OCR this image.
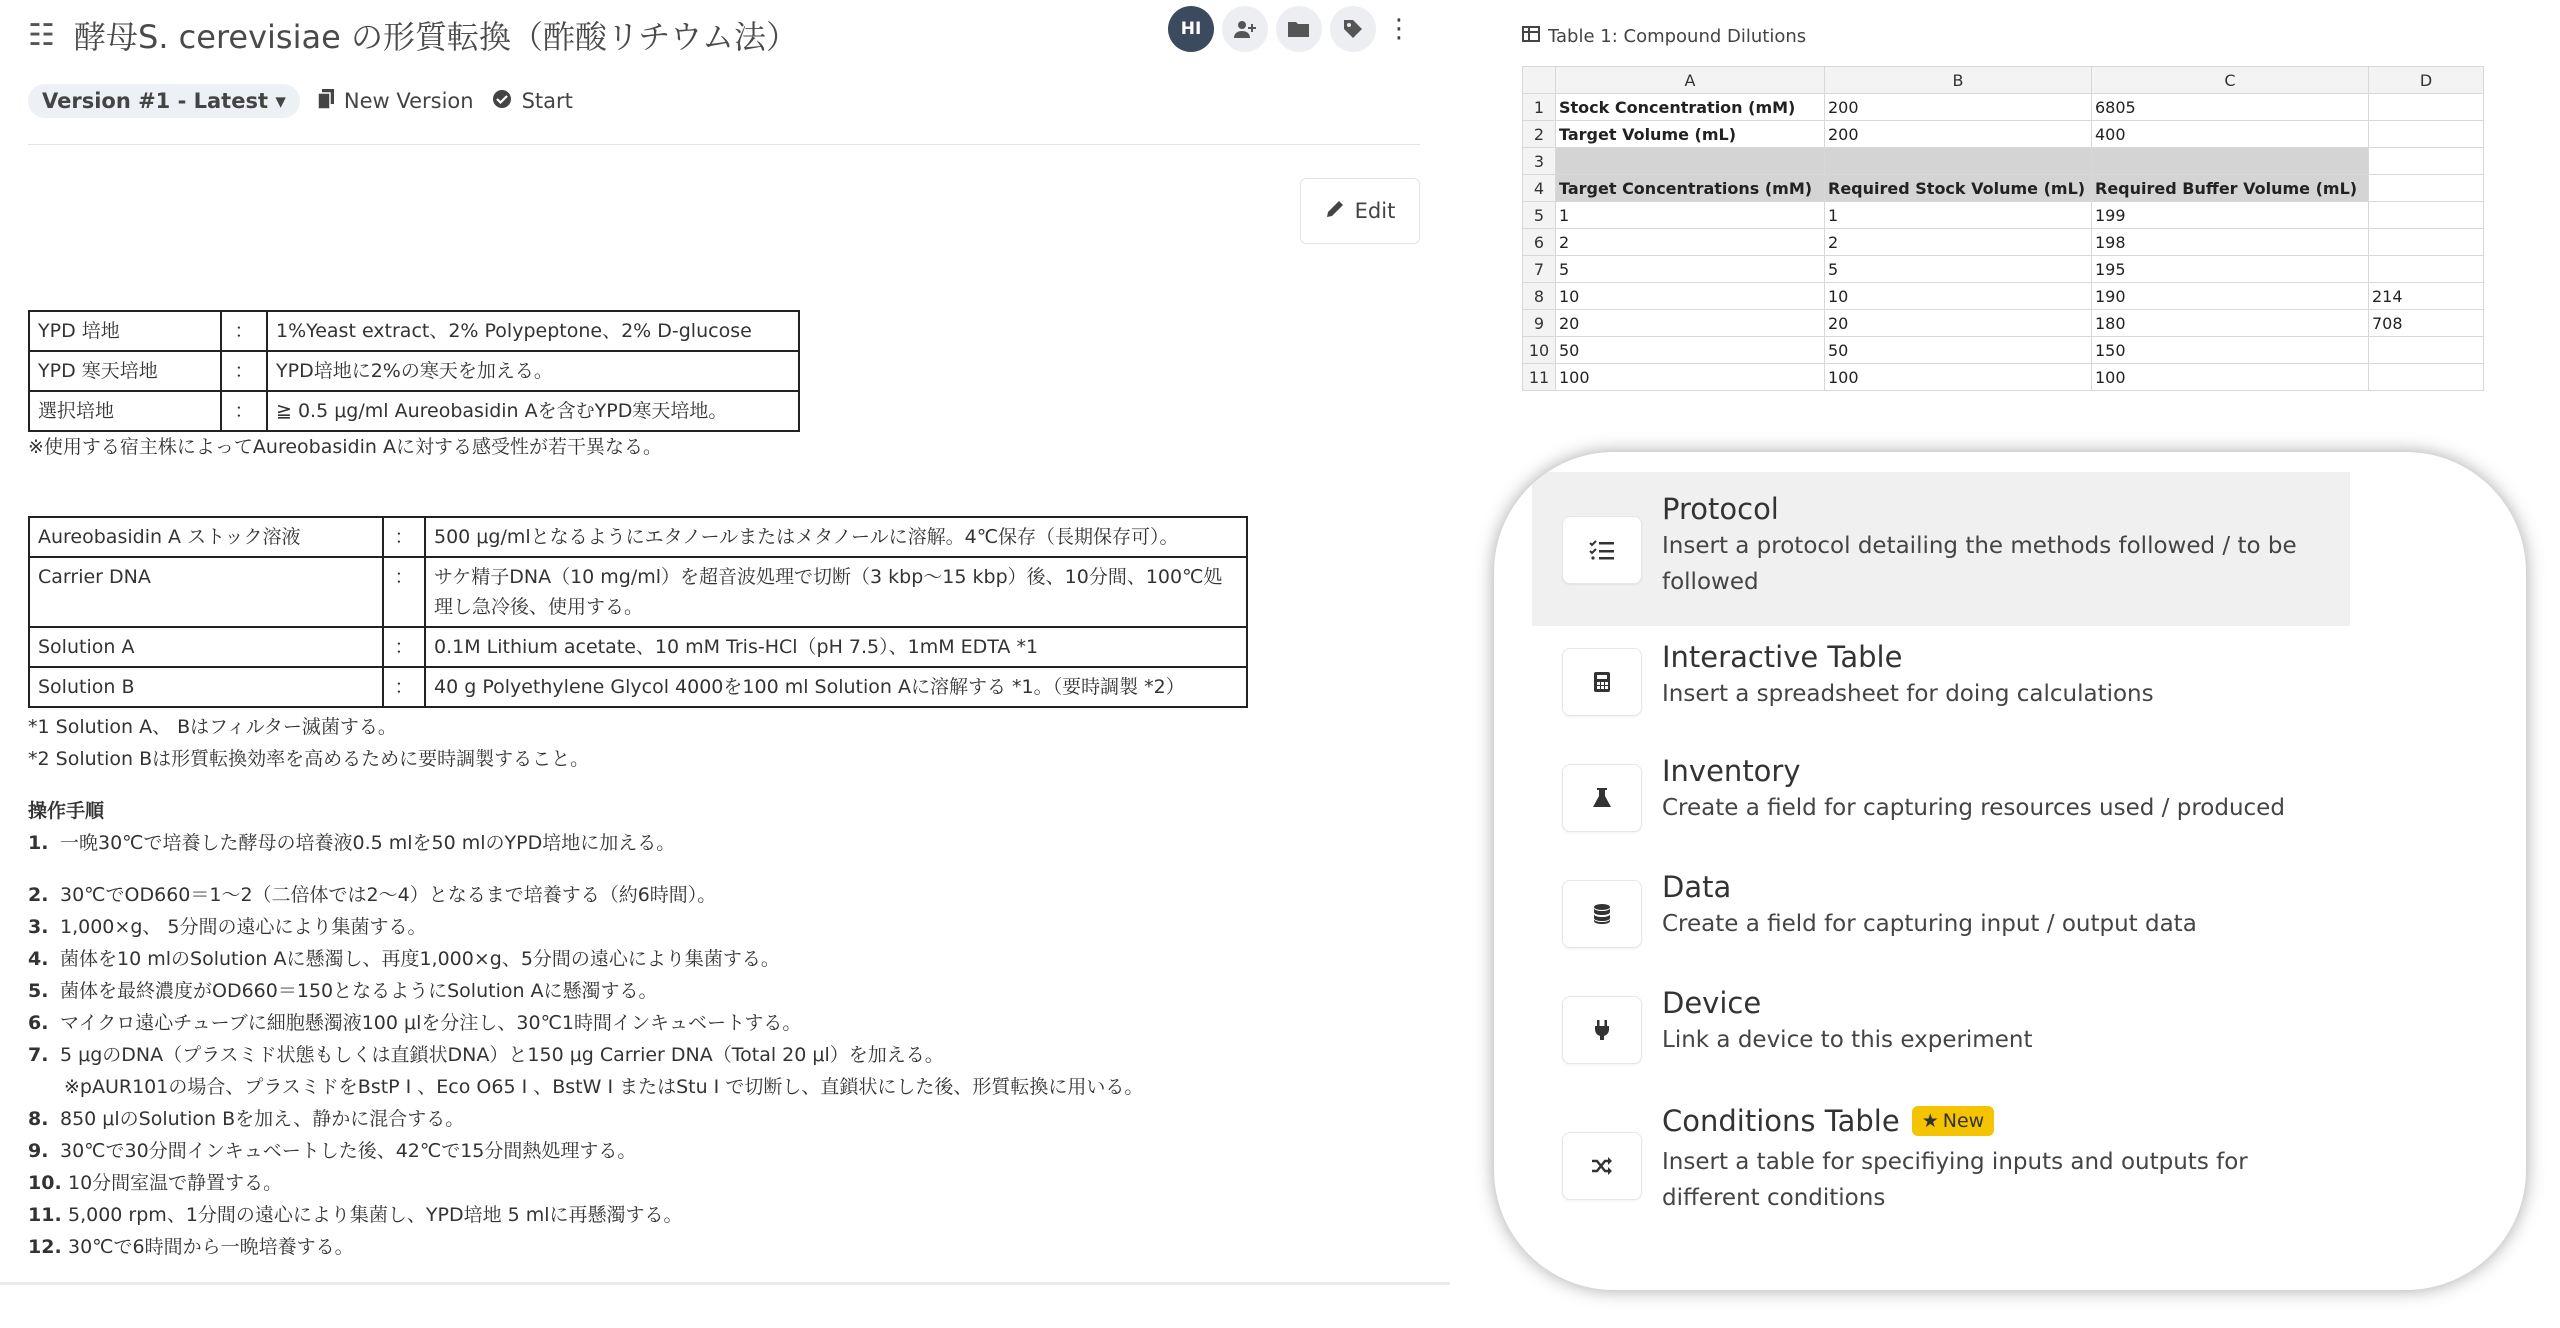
☷ 酵母S. cerevisiae の形質転換（酢酸リチウム法）	HI	⋮
Version #1 - Latest ▾	New Version Start
Edit
YPD 培地	：	1%Yeast extract、2% Polypeptone、2% D-glucose
YPD 寒天培地	：	YPD培地に2%の寒天を加える。
選択培地	：	≧ 0.5 μg/ml Aureobasidin Aを含むYPD寒天培地。
※使用する宿主株によってAureobasidin Aに対する感受性が若干異なる。
Aureobasidin A ストック溶液	：	500 μg/mlとなるようにエタノールまたはメタノールに溶解。4℃保存（長期保存可）。
Carrier DNA	：	サケ精子DNA（10 mg/ml）を超音波処理で切断（3 kbp～15 kbp）後、10分間、100℃処理し急冷後、使用する。
Solution A	：	0.1M Lithium acetate、10 mM Tris-HCl（pH 7.5）、1mM EDTA *1
Solution B	：	40 g Polyethylene Glycol 4000を100 ml Solution Aに溶解する *1。（要時調製 *2）
*1 Solution A、 Bはフィルター滅菌する。
*2 Solution Bは形質転換効率を高めるために要時調製すること。
操作手順
1. 一晩30℃で培養した酵母の培養液0.5 mlを50 mlのYPD培地に加える。
2. 30℃でOD660＝1～2（二倍体では2～4）となるまで培養する（約6時間）。
3. 1,000×g、 5分間の遠心により集菌する。
4. 菌体を10 mlのSolution Aに懸濁し、再度1,000×g、5分間の遠心により集菌する。
5. 菌体を最終濃度がOD660＝150となるようにSolution Aに懸濁する。
6. マイクロ遠心チューブに細胞懸濁液100 μlを分注し、30℃1時間インキュベートする。
7. 5 μgのDNA（プラスミド状態もしくは直鎖状DNA）と150 μg Carrier DNA（Total 20 μl）を加える。
※pAUR101の場合、プラスミドをBstP I 、Eco O65 I 、BstW I またはStu I で切断し、直鎖状にした後、形質転換に用いる。
8. 850 μlのSolution Bを加え、静かに混合する。
9. 30℃で30分間インキュベートした後、42℃で15分間熱処理する。
10. 10分間室温で静置する。
11. 5,000 rpm、1分間の遠心により集菌し、YPD培地 5 mlに再懸濁する。
12. 30℃で6時間から一晩培養する。
Table 1: Compound Dilutions
	A	B	C	D
1	Stock Concentration (mM)	200	6805	
2	Target Volume (mL)	200	400	
3				
4	Target Concentrations (mM)	Required Stock Volume (mL)	Required Buffer Volume (mL)	
5	1	1	199	
6	2	2	198	
7	5	5	195	
8	10	10	190	214
9	20	20	180	708
10	50	50	150	
11	100	100	100	
Protocol
Insert a protocol detailing the methods followed / to be followed
Interactive Table
Insert a spreadsheet for doing calculations
Inventory
Create a field for capturing resources used / produced
Data
Create a field for capturing input / output data
Device
Link a device to this experiment
Conditions Table ★ New
Insert a table for specifiying inputs and outputs for different conditions
